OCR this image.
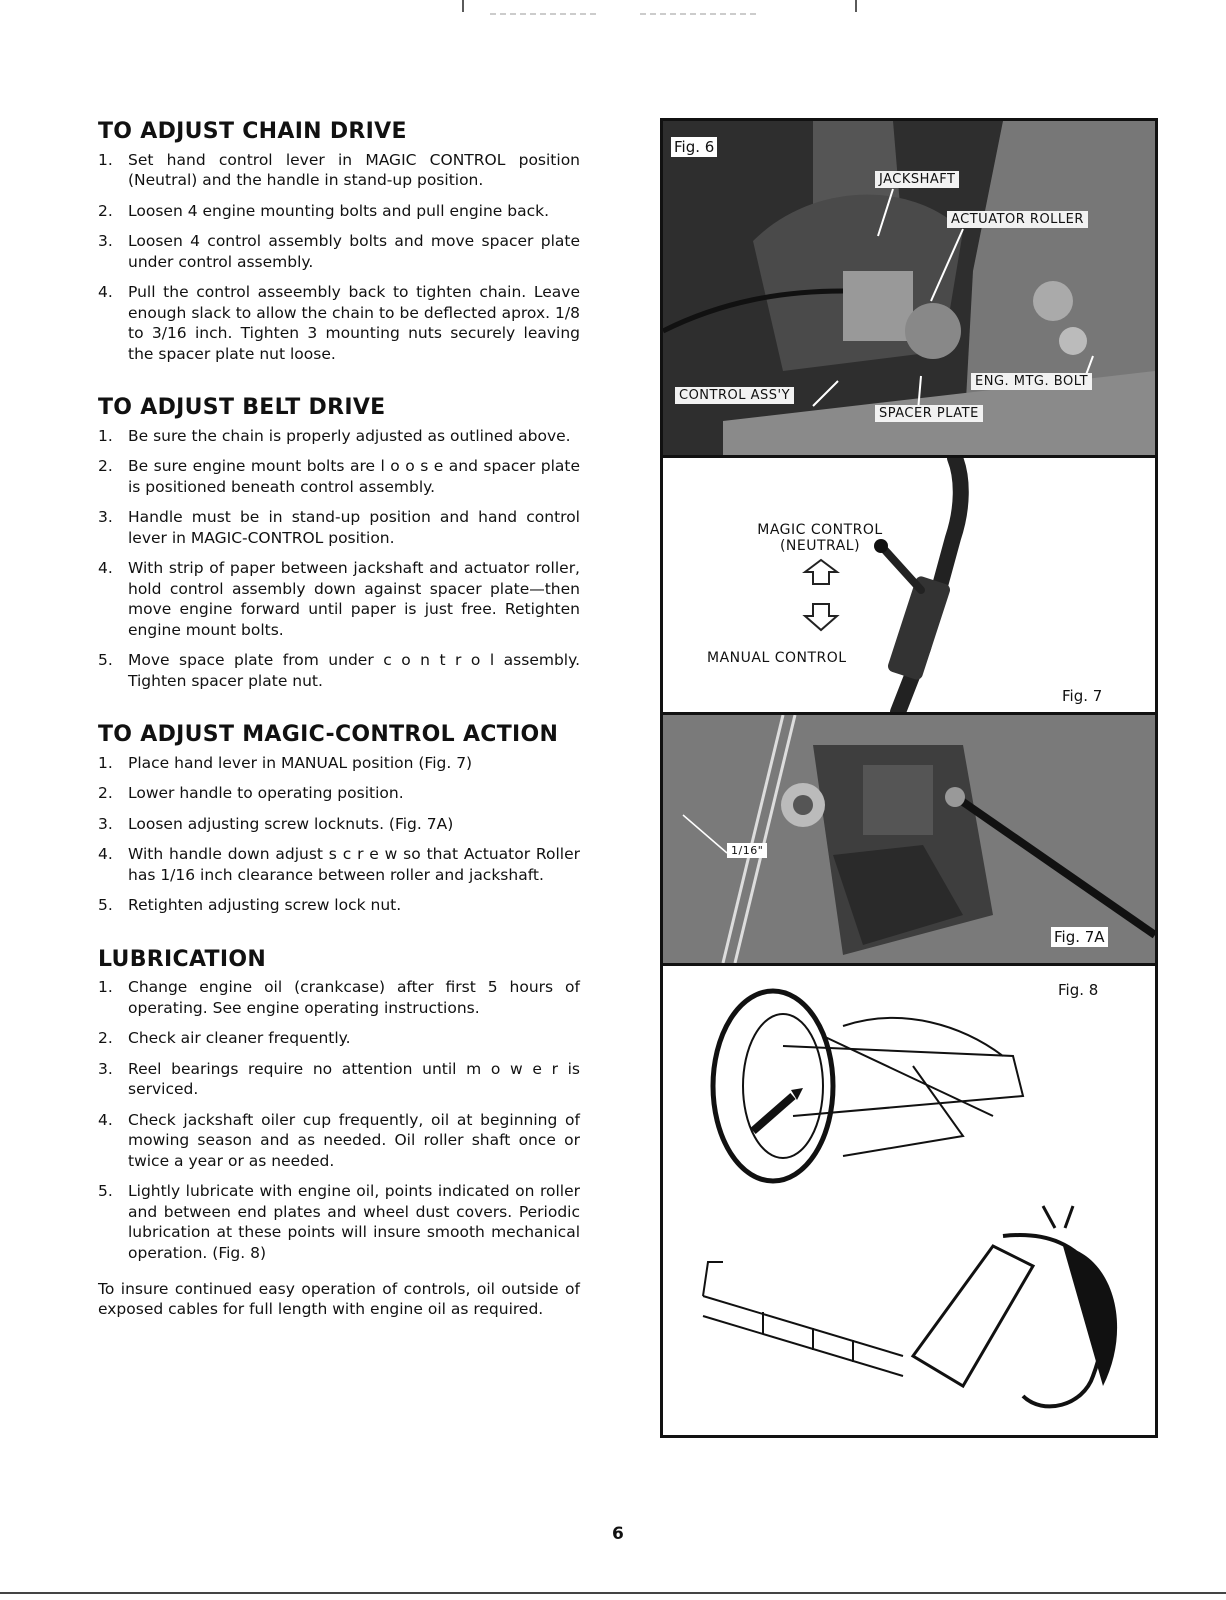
TO ADJUST CHAIN DRIVE
1. Set hand control lever in MAGIC CONTROL position (Neutral) and the handle in stand-up position.
2. Loosen 4 engine mounting bolts and pull engine back.
3. Loosen 4 control assembly bolts and move spacer plate under control assembly.
4. Pull the control asseembly back to tighten chain. Leave enough slack to allow the chain to be deflected aprox. 1/8 to 3/16 inch. Tighten 3 mounting nuts securely leaving the spacer plate nut loose.
TO ADJUST BELT DRIVE
1. Be sure the chain is properly adjusted as outlined above.
2. Be sure engine mount bolts are l o o s e and spacer plate is positioned beneath control assembly.
3. Handle must be in stand-up position and hand control lever in MAGIC-CONTROL position.
4. With strip of paper between jackshaft and actuator roller, hold control assembly down against spacer plate—then move engine forward until paper is just free. Retighten engine mount bolts.
5. Move space plate from under c o n t r o l assembly. Tighten spacer plate nut.
TO ADJUST MAGIC-CONTROL ACTION
1. Place hand lever in MANUAL position (Fig. 7)
2. Lower handle to operating position.
3. Loosen adjusting screw locknuts. (Fig. 7A)
4. With handle down adjust s c r e w so that Actuator Roller has 1/16 inch clearance between roller and jackshaft.
5. Retighten adjusting screw lock nut.
LUBRICATION
1. Change engine oil (crankcase) after first 5 hours of operating. See engine operating instructions.
2. Check air cleaner frequently.
3. Reel bearings require no attention until m o w e r is serviced.
4. Check jackshaft oiler cup frequently, oil at beginning of mowing season and as needed. Oil roller shaft once or twice a year or as needed.
5. Lightly lubricate with engine oil, points indicated on roller and between end plates and wheel dust covers. Periodic lubrication at these points will insure smooth mechanical operation. (Fig. 8)

To insure continued easy operation of controls, oil outside of exposed cables for full length with engine oil as required.

Fig. 6
JACKSHAFT
ACTUATOR ROLLER
CONTROL ASS'Y
ENG. MTG. BOLT
SPACER PLATE
MAGIC CONTROL
(NEUTRAL)
MANUAL CONTROL
Fig. 7
1/16"
Fig. 7A
Fig. 8
6
